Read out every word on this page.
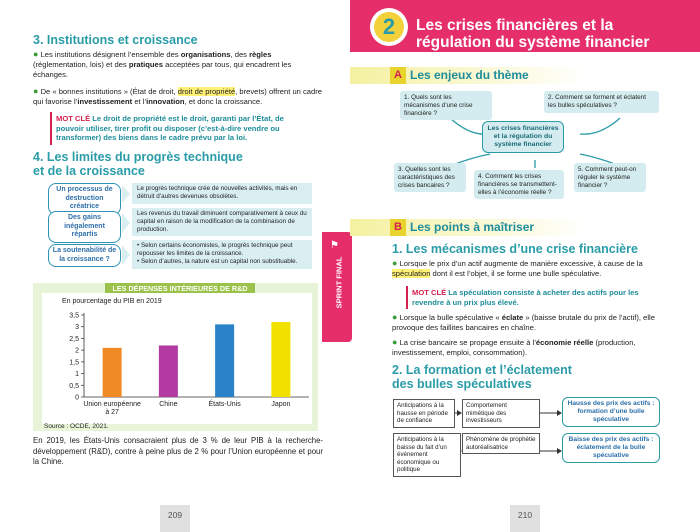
3. Institutions et croissance
● Les institutions désignent l’ensemble des organisations, des règles (réglementation, lois) et des pratiques acceptées par tous, qui encadrent les échanges.
● De « bonnes institutions » (État de droit, droit de propriété, brevets) offrent un cadre qui favorise l’investissement et l’innovation, et donc la croissance.
MOT CLÉ Le droit de propriété est le droit, garanti par l’État, de pouvoir utiliser, tirer profit ou disposer (c’est-à-dire vendre ou transformer) des biens dans le cadre prévu par la loi.
4. Les limites du progrès technique
et de la croissance
Un processus de destruction créatrice
Le progrès technique crée de nouvelles activités, mais en détruit d’autres devenues obsolètes.
Des gains inégalement répartis
Les revenus du travail diminuent comparativement à ceux du capital en raison de la modification de la combinaison de production.
La soutenabilité de la croissance ?
• Selon certains économistes, le progrès technique peut repousser les limites de la croissance.
• Selon d’autres, la nature est un capital non substituable.
LES DÉPENSES INTÉRIEURES DE R&D
En pourcentage du PIB en 2019
0
0,5
1
1,5
2
2,5
3
3,5
Union européenne
à 27
Chine	États-Unis	Japon
Source : OCDE, 2021.
En 2019, les États-Unis consacraient plus de 3 % de leur PIB à la recherche-développement (R&D), contre à peine plus de 2 % pour l’Union européenne et pour la Chine.
209
2	Les crises financières et la
régulation du système financier
A Les enjeux du thème
1. Quels sont les mécanismes d’une crise financière ?
2. Comment se forment et éclatent les bulles spéculatives ?
Les crises financières et la régulation du système financier
3. Quelles sont les caractéristiques des crises bancaires ?
4. Comment les crises financières se transmettent-elles à l’économie réelle ?
5. Comment peut-on réguler le système financier ?
SPRINT FINAL
⚑
B Les points à maîtriser
1. Les mécanismes d’une crise financière
● Lorsque le prix d’un actif augmente de manière excessive, à cause de la spéculation dont il est l’objet, il se forme une bulle spéculative.
MOT CLÉ La spéculation consiste à acheter des actifs pour les revendre à un prix plus élevé.
● Lorsque la bulle spéculative « éclate » (baisse brutale du prix de l’actif), elle provoque des faillites bancaires en chaîne.
● La crise bancaire se propage ensuite à l’économie réelle (production, investissement, emploi, consommation).
2. La formation et l’éclatement
des bulles spéculatives
Anticipations à la hausse en période de confiance
Comportement mimétique des investisseurs
Hausse des prix des actifs : formation d’une bulle spéculative
Anticipations à la baisse du fait d’un événement économique ou politique
Phénomène de prophétie autoréalisatrice
Baisse des prix des actifs : éclatement de la bulle spéculative
210
